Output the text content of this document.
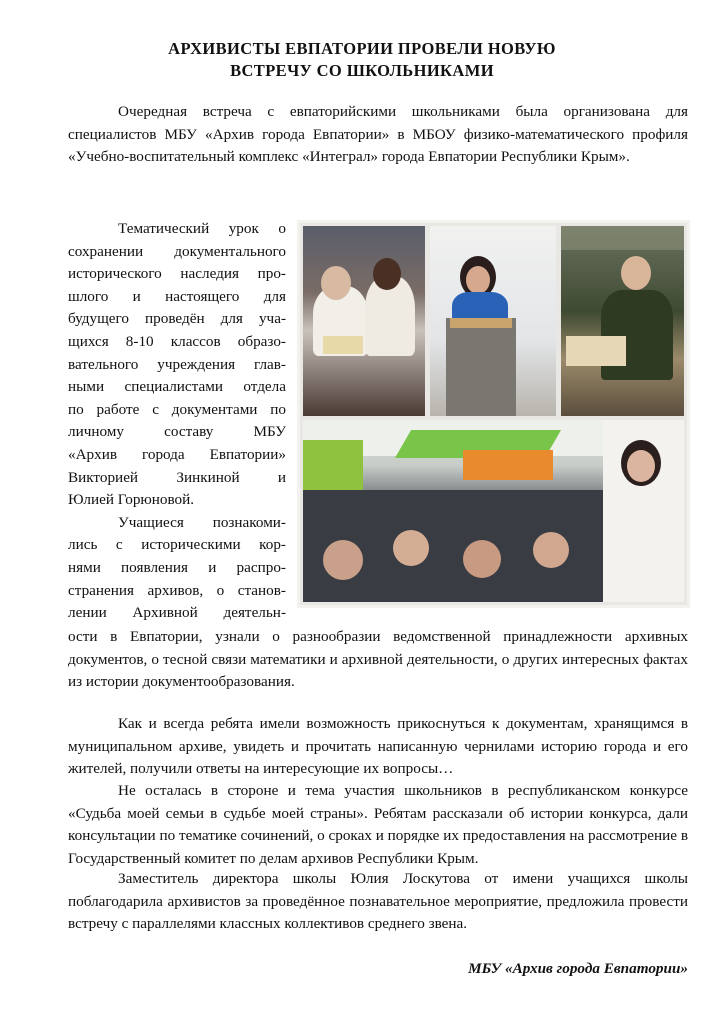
АРХИВИСТЫ ЕВПАТОРИИ ПРОВЕЛИ НОВУЮ
ВСТРЕЧУ СО ШКОЛЬНИКАМИ

Очередная встреча с евпаторийскими школьниками была организована для специалистов МБУ «Архив города Евпатории» в МБОУ физико-математического профиля «Учебно-воспитательный комплекс «Интеграл» города Евпатории Республики Крым».

Тематический урок о

сохранении документального

исторического наследия про-

шлого и настоящего для

будущего проведён для уча-

щихся 8-10 классов образо-

вательного учреждения глав-

ными специалистами отдела

по работе с документами по

личному составу МБУ

«Архив города Евпатории»

Викторией Зинкиной и

Юлией Горюновой.

Учащиеся познакоми-

лись с историческими кор-

нями появления и распро-

странения архивов, о станов-

лении Архивной деятельн-

ости в Евпатории, узнали о разнообразии ведомственной принадлежности архивных документов, о тесной связи математики и архивной деятельности, о других интересных фактах из истории документообразования.

Как и всегда ребята имели возможность прикоснуться к документам, хранящимся в муниципальном архиве, увидеть и прочитать написанную чернилами историю города и его жителей, получили ответы на интересующие их вопросы…

Не осталась в стороне и тема участия школьников в республиканском конкурсе «Судьба моей семьи в судьбе моей страны». Ребятам рассказали об истории конкурса, дали консультации по тематике сочинений, о сроках и порядке их предоставления на рассмотрение в Государственный комитет по делам архивов Республики Крым.

Заместитель директора школы Юлия Лоскутова от имени учащихся школы поблагодарила архивистов за проведённое познавательное мероприятие, предложила провести встречу с параллелями классных коллективов среднего звена.

МБУ «Архив города Евпатории»
